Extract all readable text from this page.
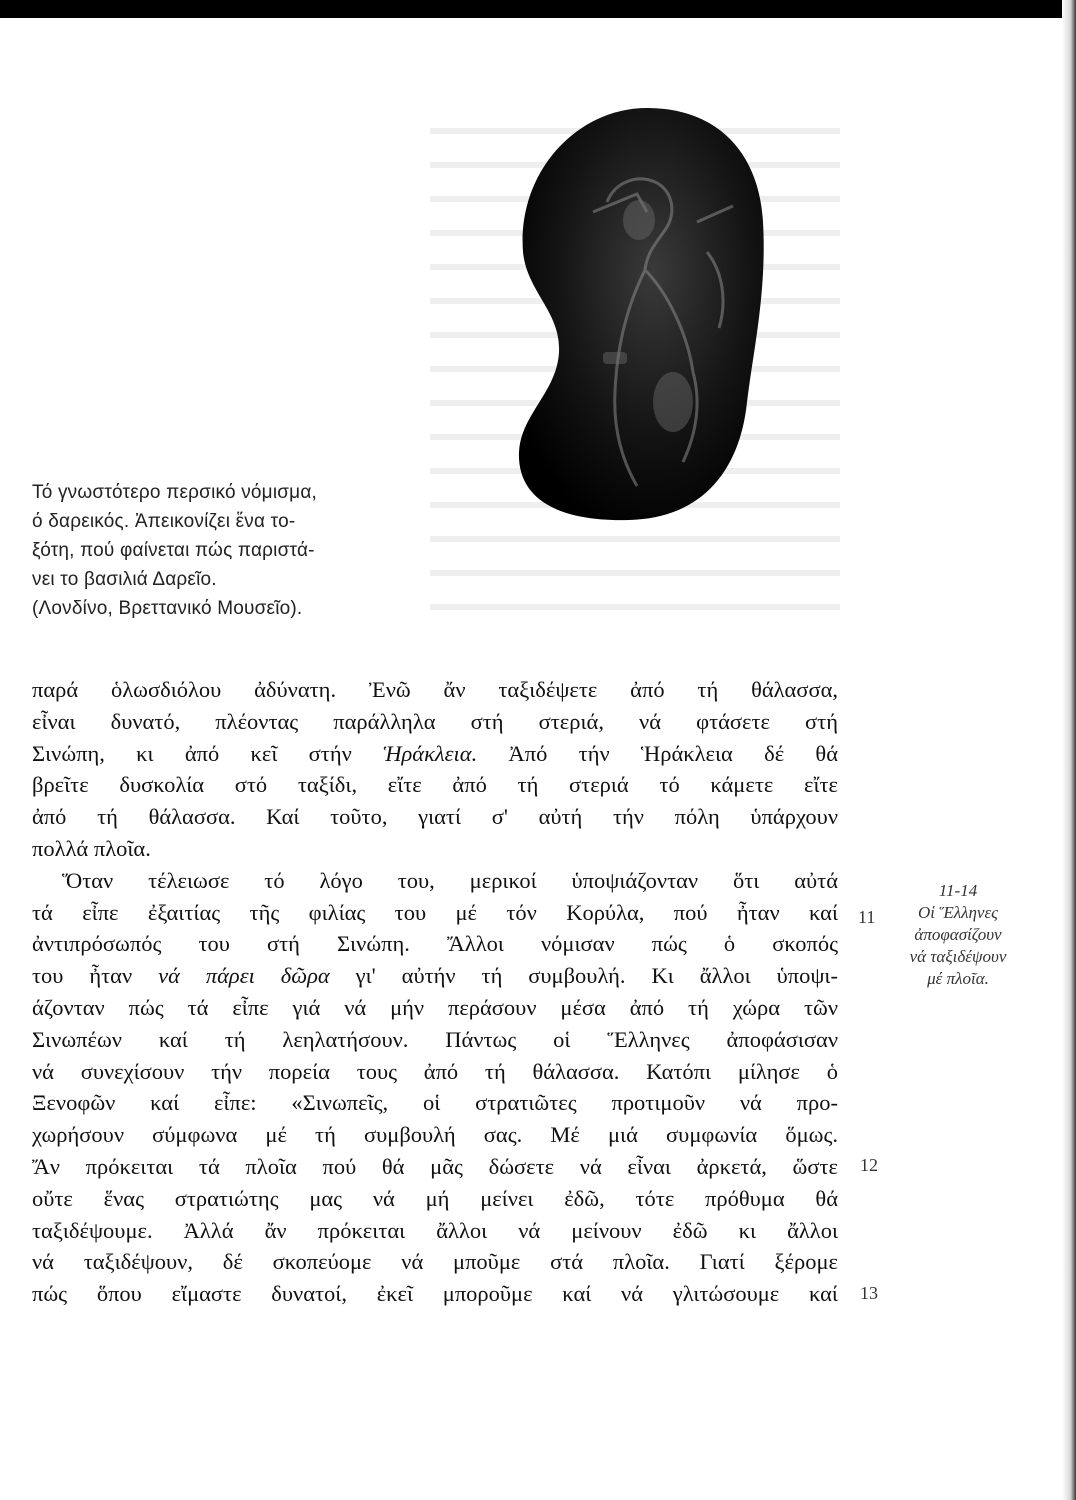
Τό γνωστότερο περσικό νόμισμα,
ό δαρεικός. Ἀπεικονίζει ἕνα το-
ξότη, πού φαίνεται πώς παριστά-
νει το βασιλιά Δαρεῖο.
(Λονδίνο, Βρεττανικό Μουσεῖο).
παρά ὁλωσδιόλου ἀδύνατη. Ἐνῶ ἄν ταξιδέψετε ἀπό τή θάλασσα,
εἶναι δυνατό, πλέοντας παράλληλα στή στεριά, νά φτάσετε στή
Σινώπη, κι ἀπό κεῖ στήν Ἡράκλεια. Ἀπό τήν Ἡράκλεια δέ θά
βρεῖτε δυσκολία στό ταξίδι, εἴτε ἀπό τή στεριά τό κάμετε εἴτε
ἀπό τή θάλασσα. Καί τοῦτο, γιατί σ' αὐτή τήν πόλη ὑπάρχουν
πολλά πλοῖα.
Ὅταν τέλειωσε τό λόγο του, μερικοί ὑποψιάζονταν ὅτι αὐτά
τά εἶπε ἐξαιτίας τῆς φιλίας του μέ τόν Κορύλα, πού ἦταν καί
ἀντιπρόσωπός του στή Σινώπη. Ἄλλοι νόμισαν πώς ὁ σκοπός
του ἦταν νά πάρει δῶρα γι' αὐτήν τή συμβουλή. Κι ἄλλοι ὑποψι-
άζονταν πώς τά εἶπε γιά νά μήν περάσουν μέσα ἀπό τή χώρα τῶν
Σινωπέων καί τή λεηλατήσουν. Πάντως οἱ Ἕλληνες ἀποφάσισαν
νά συνεχίσουν τήν πορεία τους ἀπό τή θάλασσα. Κατόπι μίλησε ὁ
Ξενοφῶν καί εἶπε: «Σινωπεῖς, οἱ στρατιῶτες προτιμοῦν νά προ-
χωρήσουν σύμφωνα μέ τή συμβουλή σας. Μέ μιά συμφωνία ὅμως.
Ἄν πρόκειται τά πλοῖα πού θά μᾶς δώσετε νά εἶναι ἀρκετά, ὥστε
οὔτε ἕνας στρατιώτης μας νά μή μείνει ἐδῶ, τότε πρόθυμα θά
ταξιδέψουμε. Ἀλλά ἄν πρόκειται ἄλλοι νά μείνουν ἐδῶ κι ἄλλοι
νά ταξιδέψουν, δέ σκοπεύομε νά μποῦμε στά πλοῖα. Γιατί ξέρομε
πώς ὅπου εἴμαστε δυνατοί, ἐκεῖ μποροῦμε καί νά γλιτώσουμε καί
11-14
Οἱ Ἕλληνες
ἀποφασίζουν
νά ταξιδέψουν
μέ πλοῖα.
11
12
13
